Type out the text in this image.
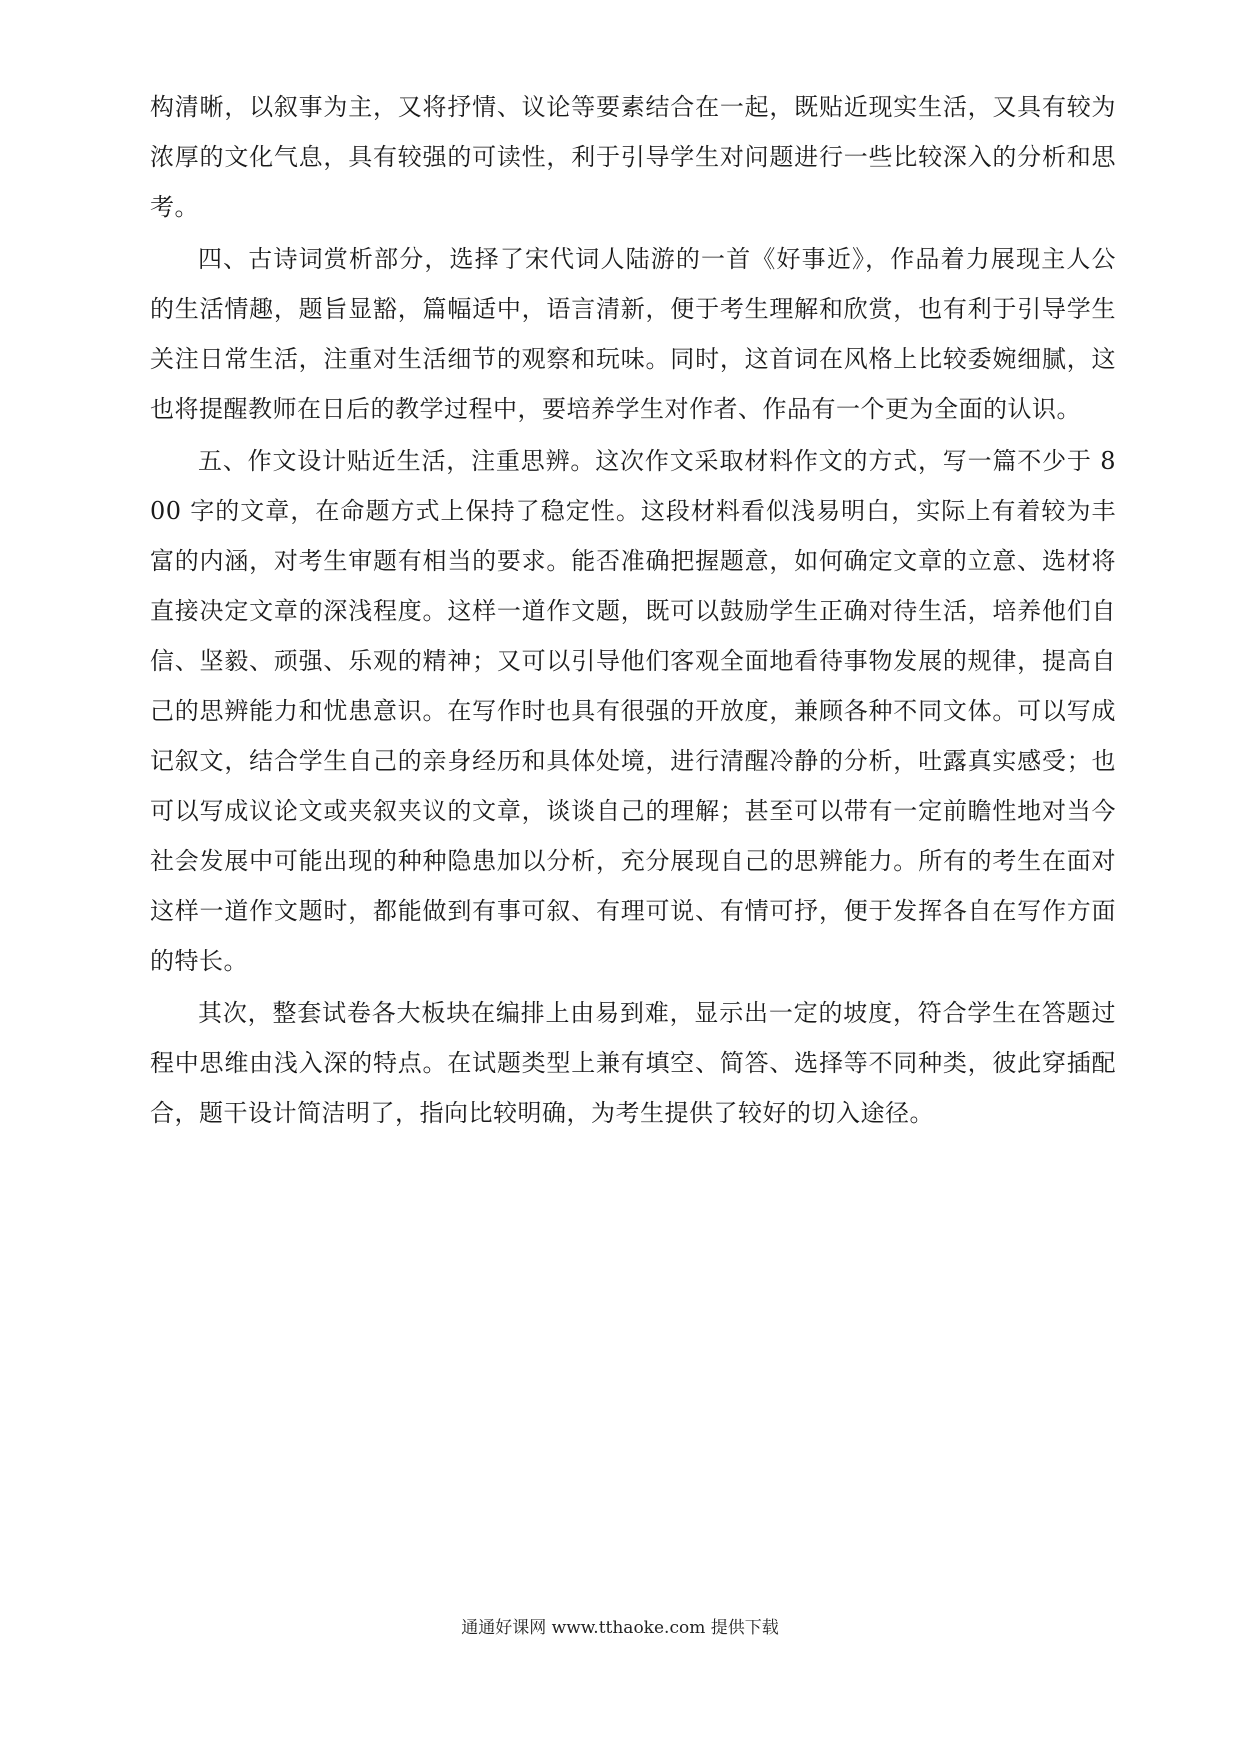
构清晰，以叙事为主，又将抒情、议论等要素结合在一起，既贴近现实生活，又具有较为浓厚的文化气息，具有较强的可读性，利于引导学生对问题进行一些比较深入的分析和思考。

四、古诗词赏析部分，选择了宋代词人陆游的一首《好事近》，作品着力展现主人公的生活情趣，题旨显豁，篇幅适中，语言清新，便于考生理解和欣赏，也有利于引导学生关注日常生活，注重对生活细节的观察和玩味。同时，这首词在风格上比较委婉细腻，这也将提醒教师在日后的教学过程中，要培养学生对作者、作品有一个更为全面的认识。

五、作文设计贴近生活，注重思辨。这次作文采取材料作文的方式，写一篇不少于 800 字的文章，在命题方式上保持了稳定性。这段材料看似浅易明白，实际上有着较为丰富的内涵，对考生审题有相当的要求。能否准确把握题意，如何确定文章的立意、选材将直接决定文章的深浅程度。这样一道作文题，既可以鼓励学生正确对待生活，培养他们自信、坚毅、顽强、乐观的精神；又可以引导他们客观全面地看待事物发展的规律，提高自己的思辨能力和忧患意识。在写作时也具有很强的开放度，兼顾各种不同文体。可以写成记叙文，结合学生自己的亲身经历和具体处境，进行清醒冷静的分析，吐露真实感受；也可以写成议论文或夹叙夹议的文章，谈谈自己的理解；甚至可以带有一定前瞻性地对当今社会发展中可能出现的种种隐患加以分析，充分展现自己的思辨能力。所有的考生在面对这样一道作文题时，都能做到有事可叙、有理可说、有情可抒，便于发挥各自在写作方面的特长。

其次，整套试卷各大板块在编排上由易到难，显示出一定的坡度，符合学生在答题过程中思维由浅入深的特点。在试题类型上兼有填空、简答、选择等不同种类，彼此穿插配合，题干设计简洁明了，指向比较明确，为考生提供了较好的切入途径。

通通好课网 www.tthaoke.com 提供下载
